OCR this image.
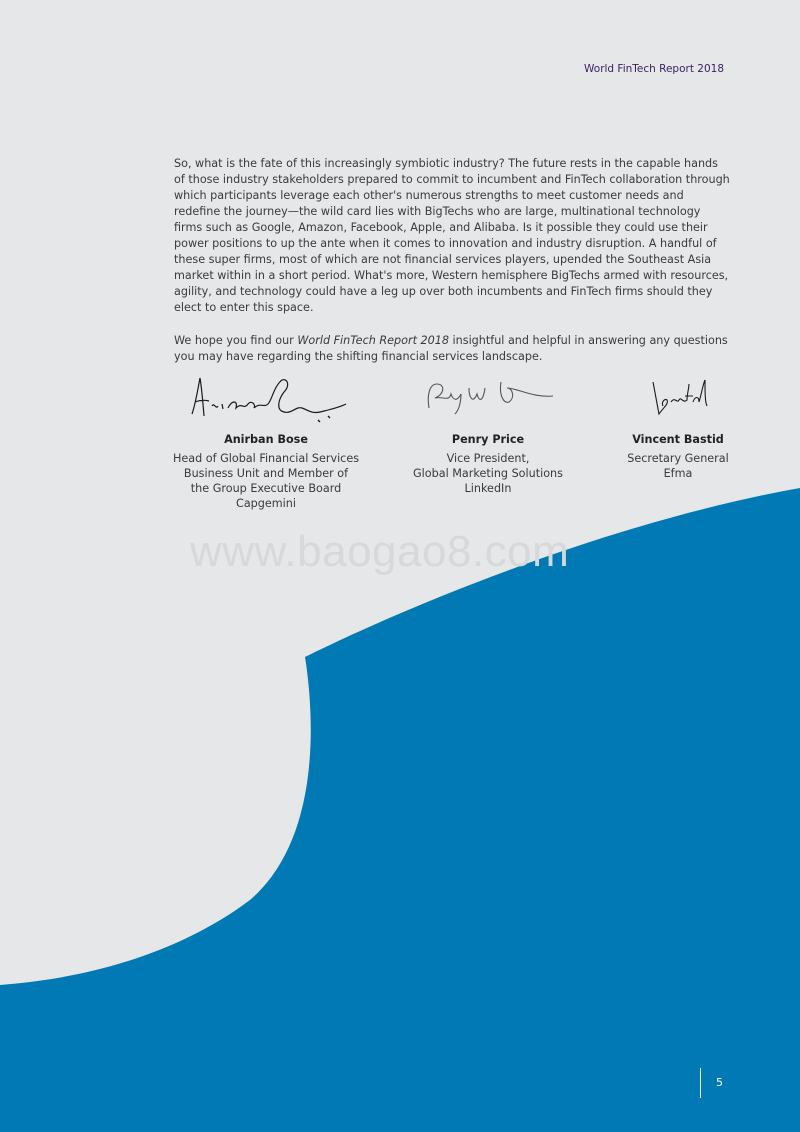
World FinTech Report 2018

So, what is the fate of this increasingly symbiotic industry? The future rests in the capable hands of those industry stakeholders prepared to commit to incumbent and FinTech collaboration through which participants leverage each other's numerous strengths to meet customer needs and redefine the journey—the wild card lies with BigTechs who are large, multinational technology firms such as Google, Amazon, Facebook, Apple, and Alibaba. Is it possible they could use their power positions to up the ante when it comes to innovation and industry disruption. A handful of these super firms, most of which are not financial services players, upended the Southeast Asia market within in a short period. What's more, Western hemisphere BigTechs armed with resources, agility, and technology could have a leg up over both incumbents and FinTech firms should they elect to enter this space.

We hope you find our World FinTech Report 2018 insightful and helpful in answering any questions you may have regarding the shifting financial services landscape.

Anirban Bose
Head of Global Financial Services
Business Unit and Member of
the Group Executive Board
Capgemini
Penry Price
Vice President,
Global Marketing Solutions
LinkedIn
Vincent Bastid
Secretary General
Efma
www.baogao8.com
5
